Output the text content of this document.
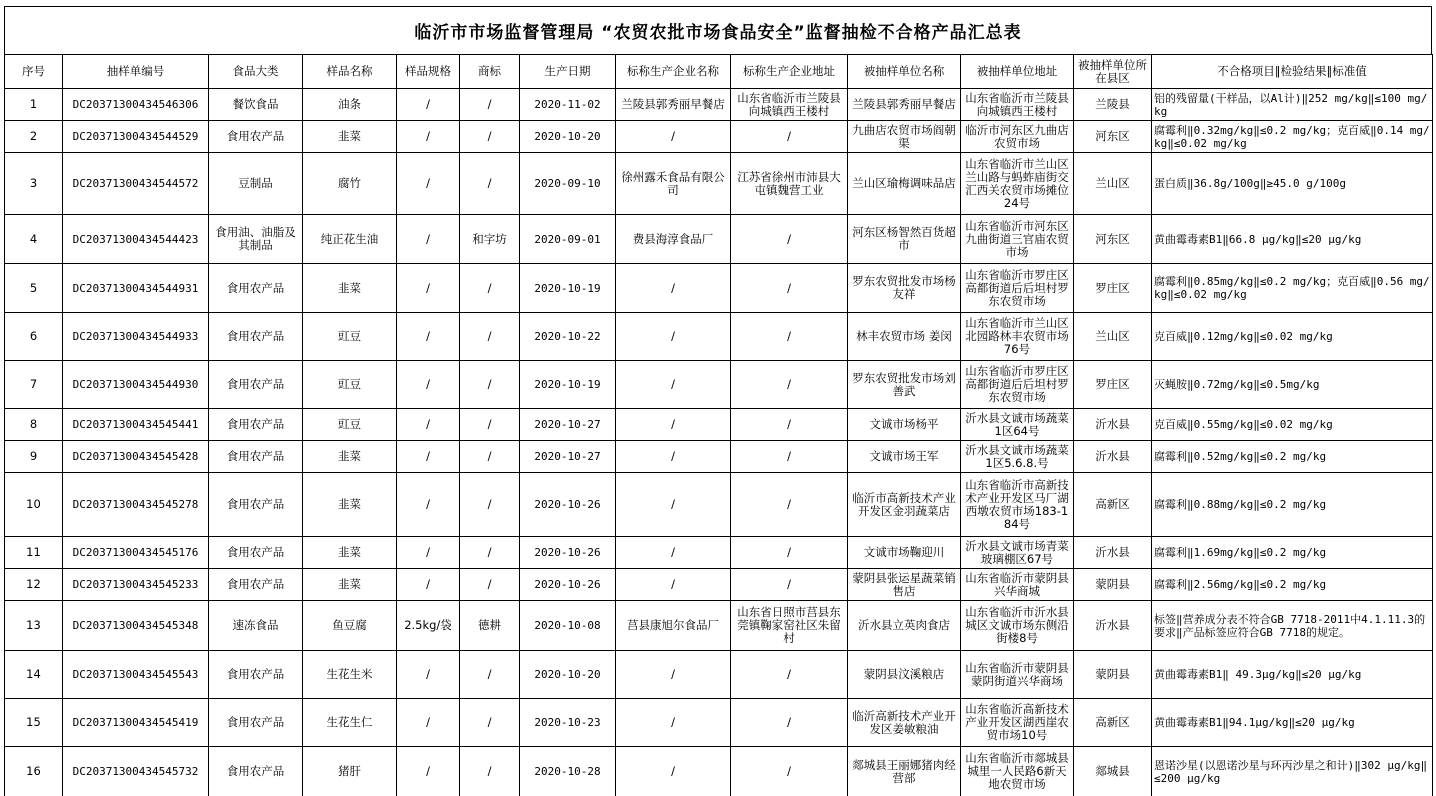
临沂市市场监督管理局 “农贸农批市场食品安全”监督抽检不合格产品汇总表
序号	抽样单编号	食品大类	样品名称	样品规格	商标	生产日期	标称生产企业名称	标称生产企业地址	被抽样单位名称	被抽样单位地址	被抽样单位所在县区	不合格项目‖检验结果‖标准值
1	DC20371300434546306	餐饮食品	油条	/	/	2020-11-02	兰陵县郭秀丽早餐店	山东省临沂市兰陵县向城镇西王楼村	兰陵县郭秀丽早餐店	山东省临沂市兰陵县向城镇西王楼村	兰陵县	铝的残留量(干样品，以Al计)‖252 mg/kg‖≤100 mg/kg
2	DC20371300434544529	食用农产品	韭菜	/	/	2020-10-20	/	/	九曲店农贸市场阎朝渠	临沂市河东区九曲店农贸市场	河东区	腐霉利‖0.32mg/kg‖≤0.2 mg/kg；克百威‖0.14 mg/kg‖≤0.02 mg/kg
3	DC20371300434544572	豆制品	腐竹	/	/	2020-09-10	徐州露禾食品有限公司	江苏省徐州市沛县大屯镇魏营工业	兰山区瑜梅调味品店	山东省临沂市兰山区兰山路与蚂蚱庙街交汇西关农贸市场摊位24号	兰山区	蛋白质‖36.8g/100g‖≥45.0 g/100g
4	DC20371300434544423	食用油、油脂及其制品	纯正花生油	/	和字坊	2020-09-01	费县海淳食品厂	/	河东区杨智然百货超市	山东省临沂市河东区九曲街道三官庙农贸市场	河东区	黄曲霉毒素B1‖66.8 μg/kg‖≤20 μg/kg
5	DC20371300434544931	食用农产品	韭菜	/	/	2020-10-19	/	/	罗东农贸批发市场杨友祥	山东省临沂市罗庄区高都街道后后坦村罗东农贸市场	罗庄区	腐霉利‖0.85mg/kg‖≤0.2 mg/kg；克百威‖0.56 mg/kg‖≤0.02 mg/kg
6	DC20371300434544933	食用农产品	豇豆	/	/	2020-10-22	/	/	林丰农贸市场 姜闵	山东省临沂市兰山区北园路林丰农贸市场76号	兰山区	克百威‖0.12mg/kg‖≤0.02 mg/kg
7	DC20371300434544930	食用农产品	豇豆	/	/	2020-10-19	/	/	罗东农贸批发市场刘善武	山东省临沂市罗庄区高都街道后后坦村罗东农贸市场	罗庄区	灭蝇胺‖0.72mg/kg‖≤0.5mg/kg
8	DC20371300434545441	食用农产品	豇豆	/	/	2020-10-27	/	/	文诚市场杨平	沂水县文诚市场蔬菜1区64号	沂水县	克百威‖0.55mg/kg‖≤0.02 mg/kg
9	DC20371300434545428	食用农产品	韭菜	/	/	2020-10-27	/	/	文诚市场王军	沂水县文诚市场蔬菜1区5.6.8.号	沂水县	腐霉利‖0.52mg/kg‖≤0.2 mg/kg
10	DC20371300434545278	食用农产品	韭菜	/	/	2020-10-26	/	/	临沂市高新技术产业开发区金羽蔬菜店	山东省临沂市高新技术产业开发区马厂湖西墩农贸市场183-184号	高新区	腐霉利‖0.88mg/kg‖≤0.2 mg/kg
11	DC20371300434545176	食用农产品	韭菜	/	/	2020-10-26	/	/	文诚市场鞠迎川	沂水县文诚市场青菜玻璃棚区67号	沂水县	腐霉利‖1.69mg/kg‖≤0.2 mg/kg
12	DC20371300434545233	食用农产品	韭菜	/	/	2020-10-26	/	/	蒙阴县张运星蔬菜销售店	山东省临沂市蒙阴县兴华商城	蒙阴县	腐霉利‖2.56mg/kg‖≤0.2 mg/kg
13	DC20371300434545348	速冻食品	鱼豆腐	2.5kg/袋	德耕	2020-10-08	莒县康旭尔食品厂	山东省日照市莒县东莞镇鞠家窑社区朱留村	沂水县立英肉食店	山东省临沂市沂水县城区文诚市场东侧沿街楼8号	沂水县	标签‖营养成分表不符合GB 7718-2011中4.1.11.3的要求‖产品标签应符合GB 7718的规定。
14	DC20371300434545543	食用农产品	生花生米	/	/	2020-10-20	/	/	蒙阴县汶溪粮店	山东省临沂市蒙阴县蒙阴街道兴华商场	蒙阴县	黄曲霉毒素B1‖ 49.3μg/kg‖≤20 μg/kg
15	DC20371300434545419	食用农产品	生花生仁	/	/	2020-10-23	/	/	临沂高新技术产业开发区姜敏粮油	山东省临沂高新技术产业开发区湖西崖农贸市场10号	高新区	黄曲霉毒素B1‖94.1μg/kg‖≤20 μg/kg
16	DC20371300434545732	食用农产品	猪肝	/	/	2020-10-28	/	/	郯城县王丽娜猪肉经营部	山东省临沂市郯城县城里一人民路6新天地农贸市场	郯城县	恩诺沙星(以恩诺沙星与环丙沙星之和计)‖302 μg/kg‖≤200 μg/kg
